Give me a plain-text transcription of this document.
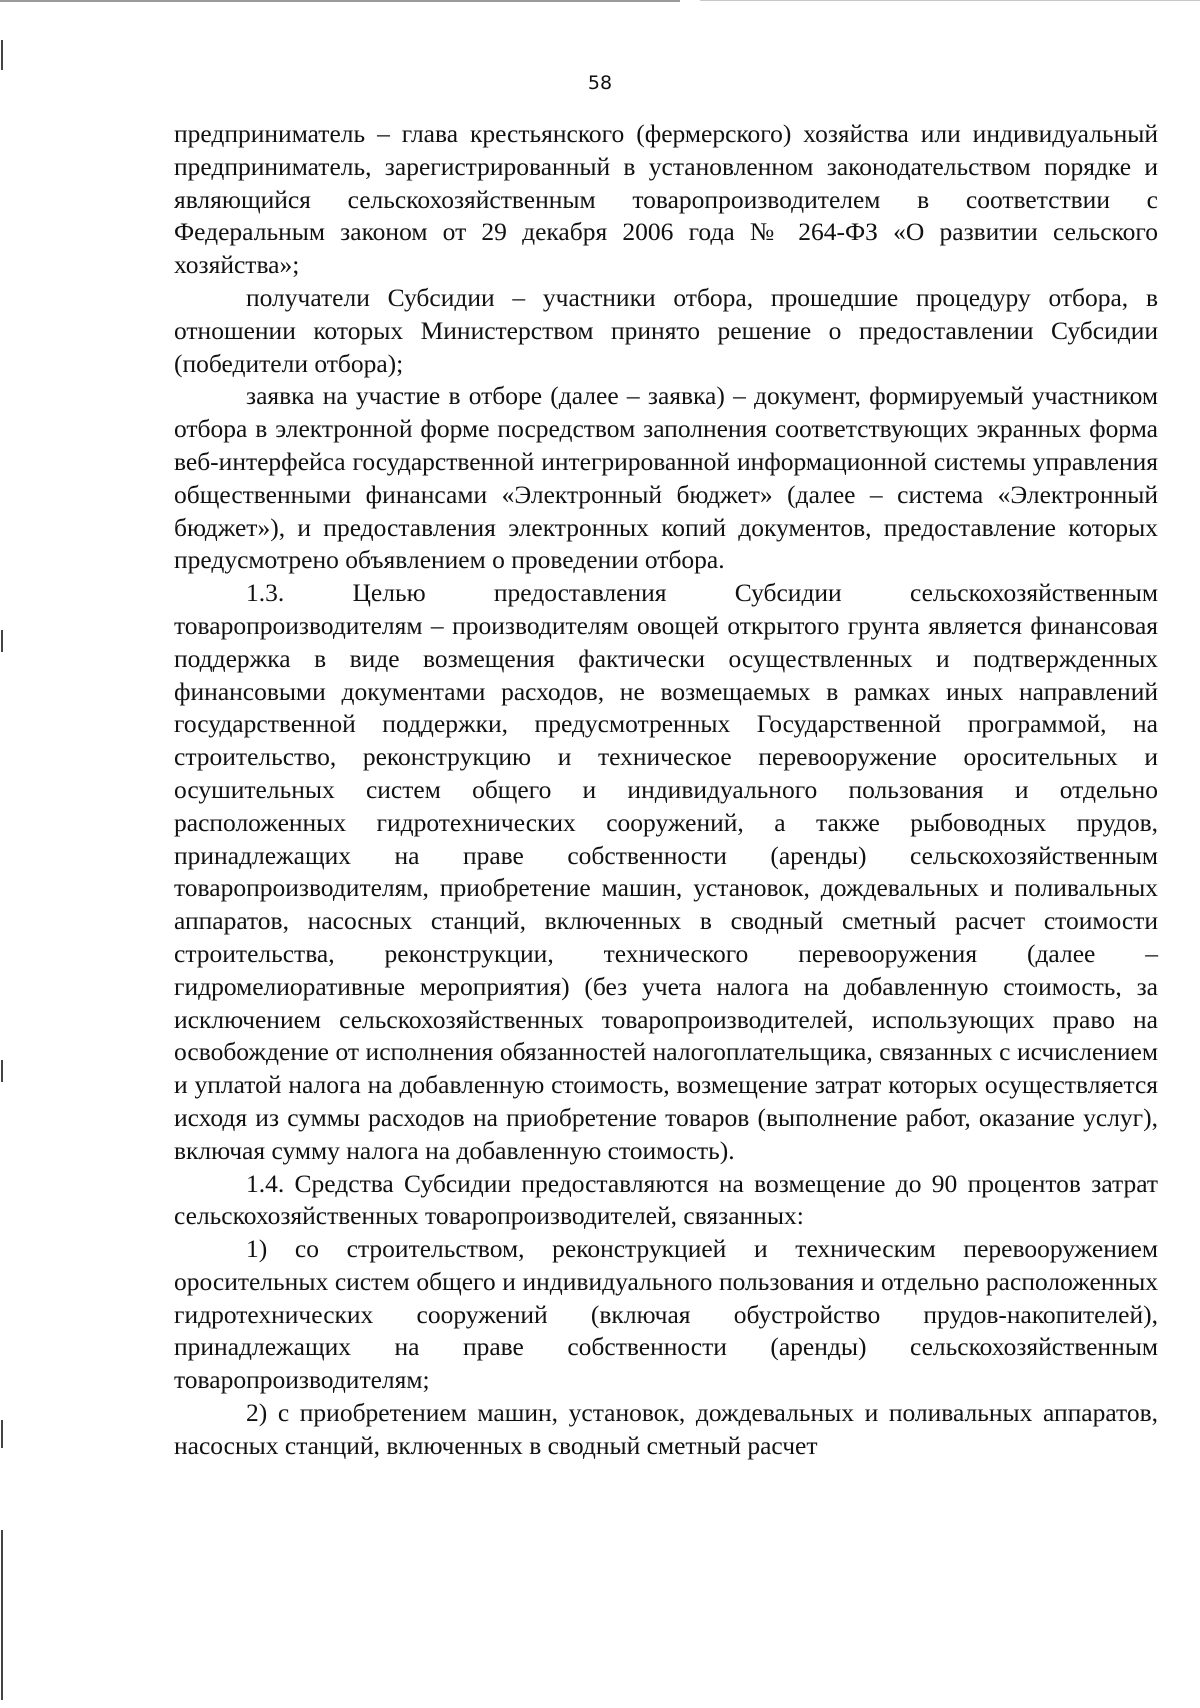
58

предприниматель – глава крестьянского (фермерского) хозяйства или индивидуальный предприниматель, зарегистрированный в установленном законодательством порядке и являющийся сельскохозяйственным товаропроизводителем в соответствии с Федеральным законом от 29 декабря 2006 года № 264-ФЗ «О развитии сельского хозяйства»;

получатели Субсидии – участники отбора, прошедшие процедуру отбора, в отношении которых Министерством принято решение о предоставлении Субсидии (победители отбора);

заявка на участие в отборе (далее – заявка) – документ, формируемый участником отбора в электронной форме посредством заполнения соответствующих экранных форма веб-интерфейса государственной интегрированной информационной системы управления общественными финансами «Электронный бюджет» (далее – система «Электронный бюджет»), и предоставления электронных копий документов, предоставление которых предусмотрено объявлением о проведении отбора.

1.3. Целью предоставления Субсидии сельскохозяйственным товаропроизводителям – производителям овощей открытого грунта является финансовая поддержка в виде возмещения фактически осуществленных и подтвержденных финансовыми документами расходов, не возмещаемых в рамках иных направлений государственной поддержки, предусмотренных Государственной программой, на строительство, реконструкцию и техническое перевооружение оросительных и осушительных систем общего и индивидуального пользования и отдельно расположенных гидротехнических сооружений, а также рыбоводных прудов, принадлежащих на праве собственности (аренды) сельскохозяйственным товаропроизводителям, приобретение машин, установок, дождевальных и поливальных аппаратов, насосных станций, включенных в сводный сметный расчет стоимости строительства, реконструкции, технического перевооружения (далее – гидромелиоративные мероприятия) (без учета налога на добавленную стоимость, за исключением сельскохозяйственных товаропроизводителей, использующих право на освобождение от исполнения обязанностей налогоплательщика, связанных с исчислением и уплатой налога на добавленную стоимость, возмещение затрат которых осуществляется исходя из суммы расходов на приобретение товаров (выполнение работ, оказание услуг), включая сумму налога на добавленную стоимость).

1.4. Средства Субсидии предоставляются на возмещение до 90 процентов затрат сельскохозяйственных товаропроизводителей, связанных:

1) со строительством, реконструкцией и техническим перевооружением оросительных систем общего и индивидуального пользования и отдельно расположенных гидротехнических сооружений (включая обустройство прудов-накопителей), принадлежащих на праве собственности (аренды) сельскохозяйственным товаропроизводителям;

2) с приобретением машин, установок, дождевальных и поливальных аппаратов, насосных станций, включенных в сводный сметный расчет
